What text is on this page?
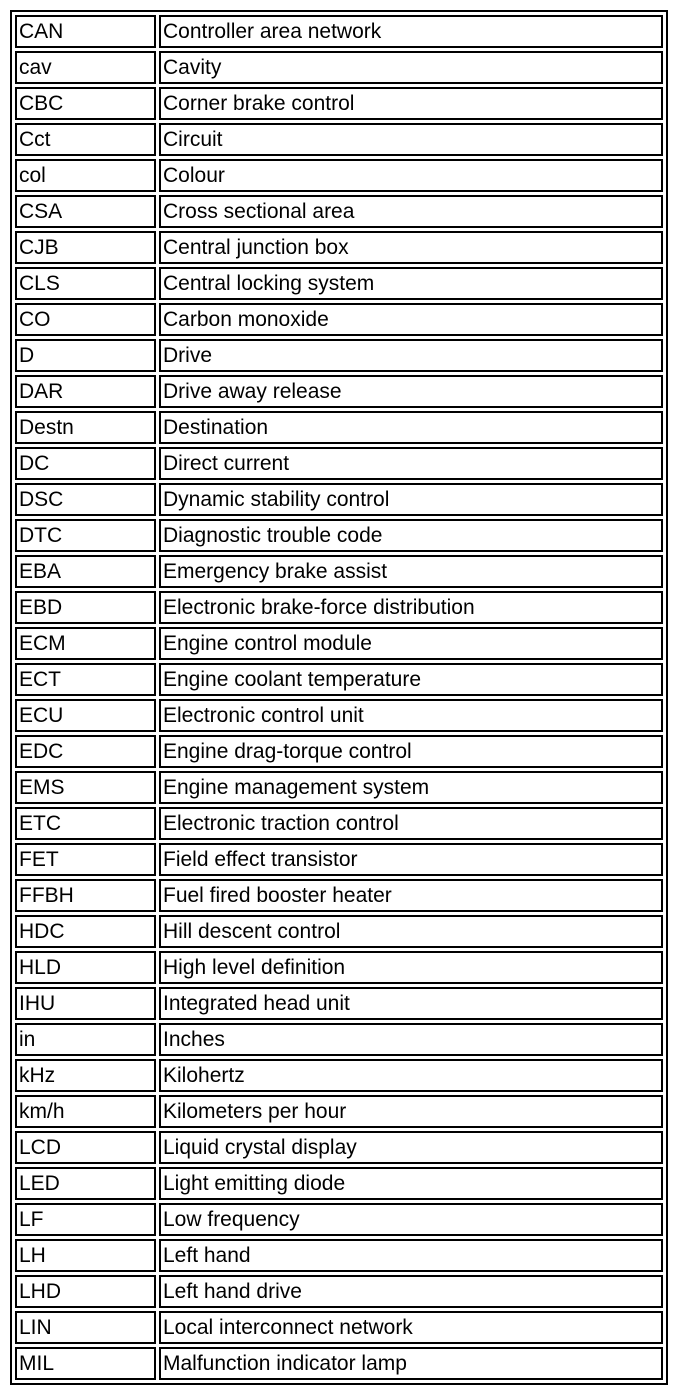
CAN	Controller area network
cav	Cavity
CBC	Corner brake control
Cct	Circuit
col	Colour
CSA	Cross sectional area
CJB	Central junction box
CLS	Central locking system
CO	Carbon monoxide
D	Drive
DAR	Drive away release
Destn	Destination
DC	Direct current
DSC	Dynamic stability control
DTC	Diagnostic trouble code
EBA	Emergency brake assist
EBD	Electronic brake-force distribution
ECM	Engine control module
ECT	Engine coolant temperature
ECU	Electronic control unit
EDC	Engine drag-torque control
EMS	Engine management system
ETC	Electronic traction control
FET	Field effect transistor
FFBH	Fuel fired booster heater
HDC	Hill descent control
HLD	High level definition
IHU	Integrated head unit
in	Inches
kHz	Kilohertz
km/h	Kilometers per hour
LCD	Liquid crystal display
LED	Light emitting diode
LF	Low frequency
LH	Left hand
LHD	Left hand drive
LIN	Local interconnect network
MIL	Malfunction indicator lamp
